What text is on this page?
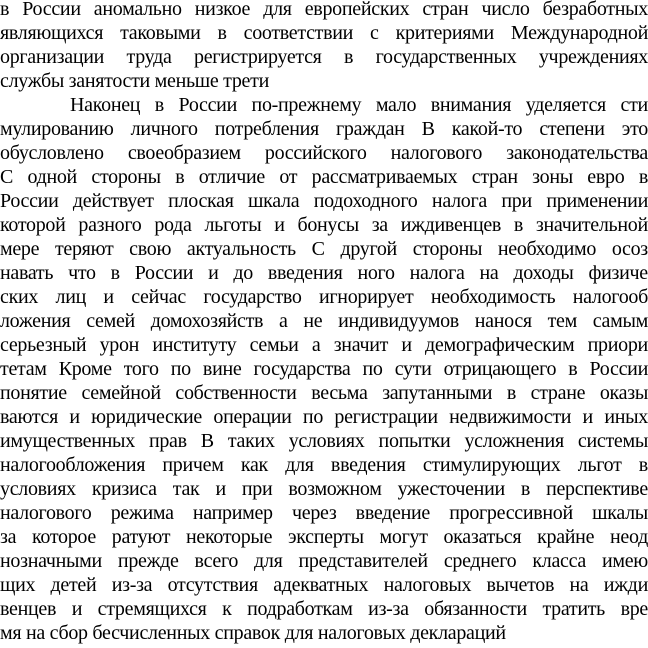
в России аномально низкое для европейских стран число безработных
являющихся таковыми в соответствии с критериями Международной
организации труда регистрируется в государственных учреждениях
службы занятости меньше трети
Наконец в России по-прежнему мало внимания уделяется сти
мулированию личного потребления граждан В какой-то степени это
обусловлено своеобразием российского налогового законодательства
С одной стороны в отличие от рассматриваемых стран зоны евро в
России действует плоская шкала подоходного налога при применении
которой разного рода льготы и бонусы за иждивенцев в значительной
мере теряют свою актуальность С другой стороны необходимо осоз
навать что в России и до введения ного налога на доходы физиче
ских лиц и сейчас государство игнорирует необходимость налогооб
ложения семей домохозяйств а не индивидуумов нанося тем самым
серьезный урон институту семьи а значит и демографическим приори
тетам Кроме того по вине государства по сути отрицающего в России
понятие семейной собственности весьма запутанными в стране оказы
ваются и юридические операции по регистрации недвижимости и иных
имущественных прав В таких условиях попытки усложнения системы
налогообложения причем как для введения стимулирующих льгот в
условиях кризиса так и при возможном ужесточении в перспективе
налогового режима например через введение прогрессивной шкалы
за которое ратуют некоторые эксперты могут оказаться крайне неод
нозначными прежде всего для представителей среднего класса имею
щих детей из-за отсутствия адекватных налоговых вычетов на ижди
венцев и стремящихся к подработкам из-за обязанности тратить вре
мя на сбор бесчисленных справок для налоговых деклараций
